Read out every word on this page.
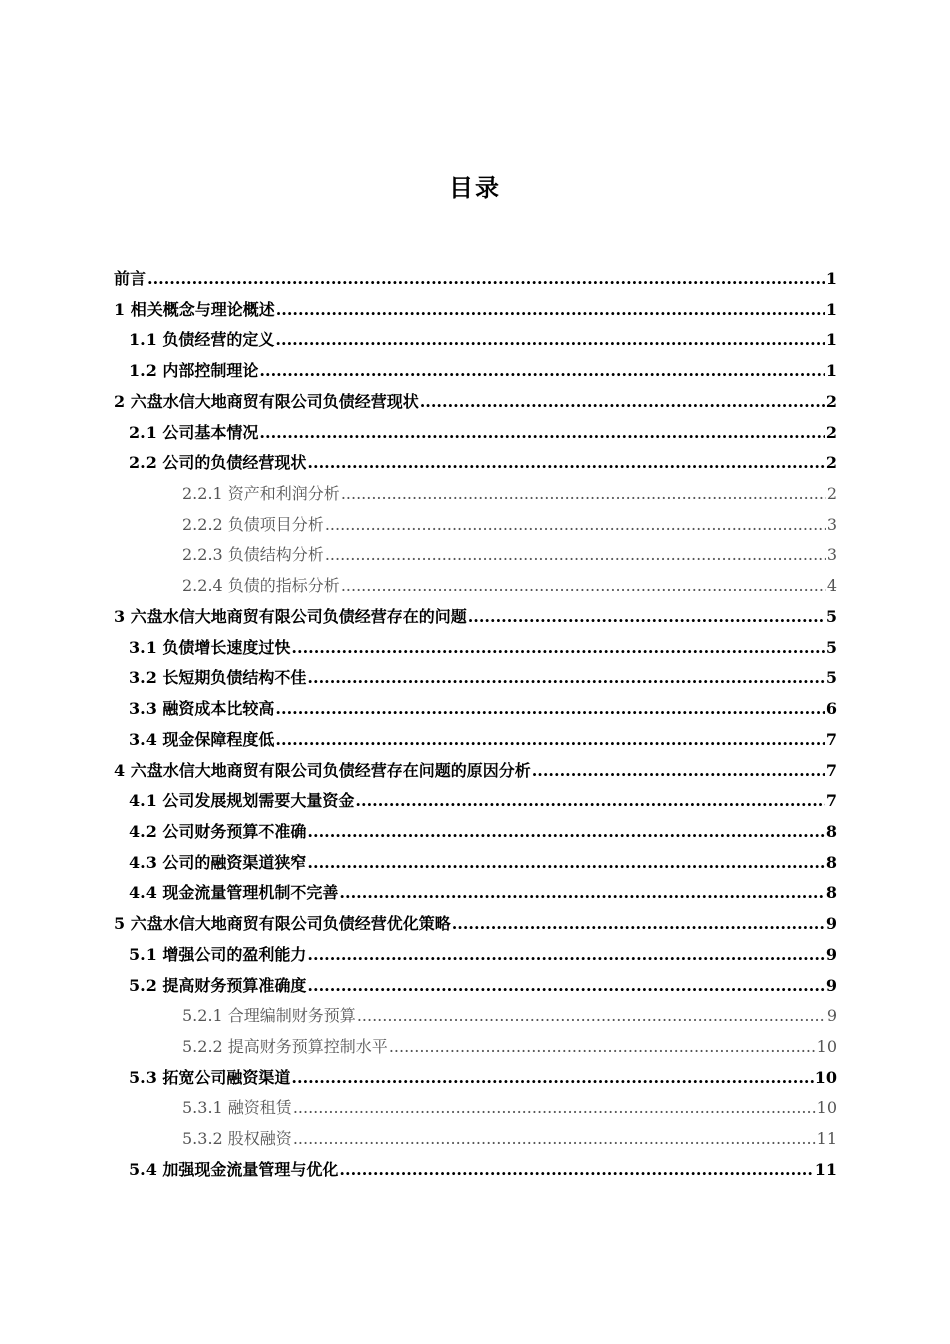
目录
前言 .....	1
1 相关概念与理论概述 .....	1
1.1 负债经营的定义 .....	1
1.2 内部控制理论 .....	1
2 六盘水信大地商贸有限公司负债经营现状 .....	2
2.1 公司基本情况 .....	2
2.2 公司的负债经营现状 .....	2
2.2.1 资产和利润分析 .....	2
2.2.2 负债项目分析 .....	3
2.2.3 负债结构分析 .....	3
2.2.4 负债的指标分析 .....	4
3 六盘水信大地商贸有限公司负债经营存在的问题 .....	5
3.1 负债增长速度过快 .....	5
3.2 长短期负债结构不佳 .....	5
3.3 融资成本比较高 .....	6
3.4 现金保障程度低 .....	7
4 六盘水信大地商贸有限公司负债经营存在问题的原因分析 .....	7
4.1 公司发展规划需要大量资金 .....	7
4.2 公司财务预算不准确 .....	8
4.3 公司的融资渠道狭窄 .....	8
4.4 现金流量管理机制不完善 .....	8
5 六盘水信大地商贸有限公司负债经营优化策略 .....	9
5.1 增强公司的盈利能力 .....	9
5.2 提高财务预算准确度 .....	9
5.2.1 合理编制财务预算 .....	9
5.2.2 提高财务预算控制水平 .....	10
5.3 拓宽公司融资渠道 .....	10
5.3.1 融资租赁 .....	10
5.3.2 股权融资 .....	11
5.4 加强现金流量管理与优化 .....	11
